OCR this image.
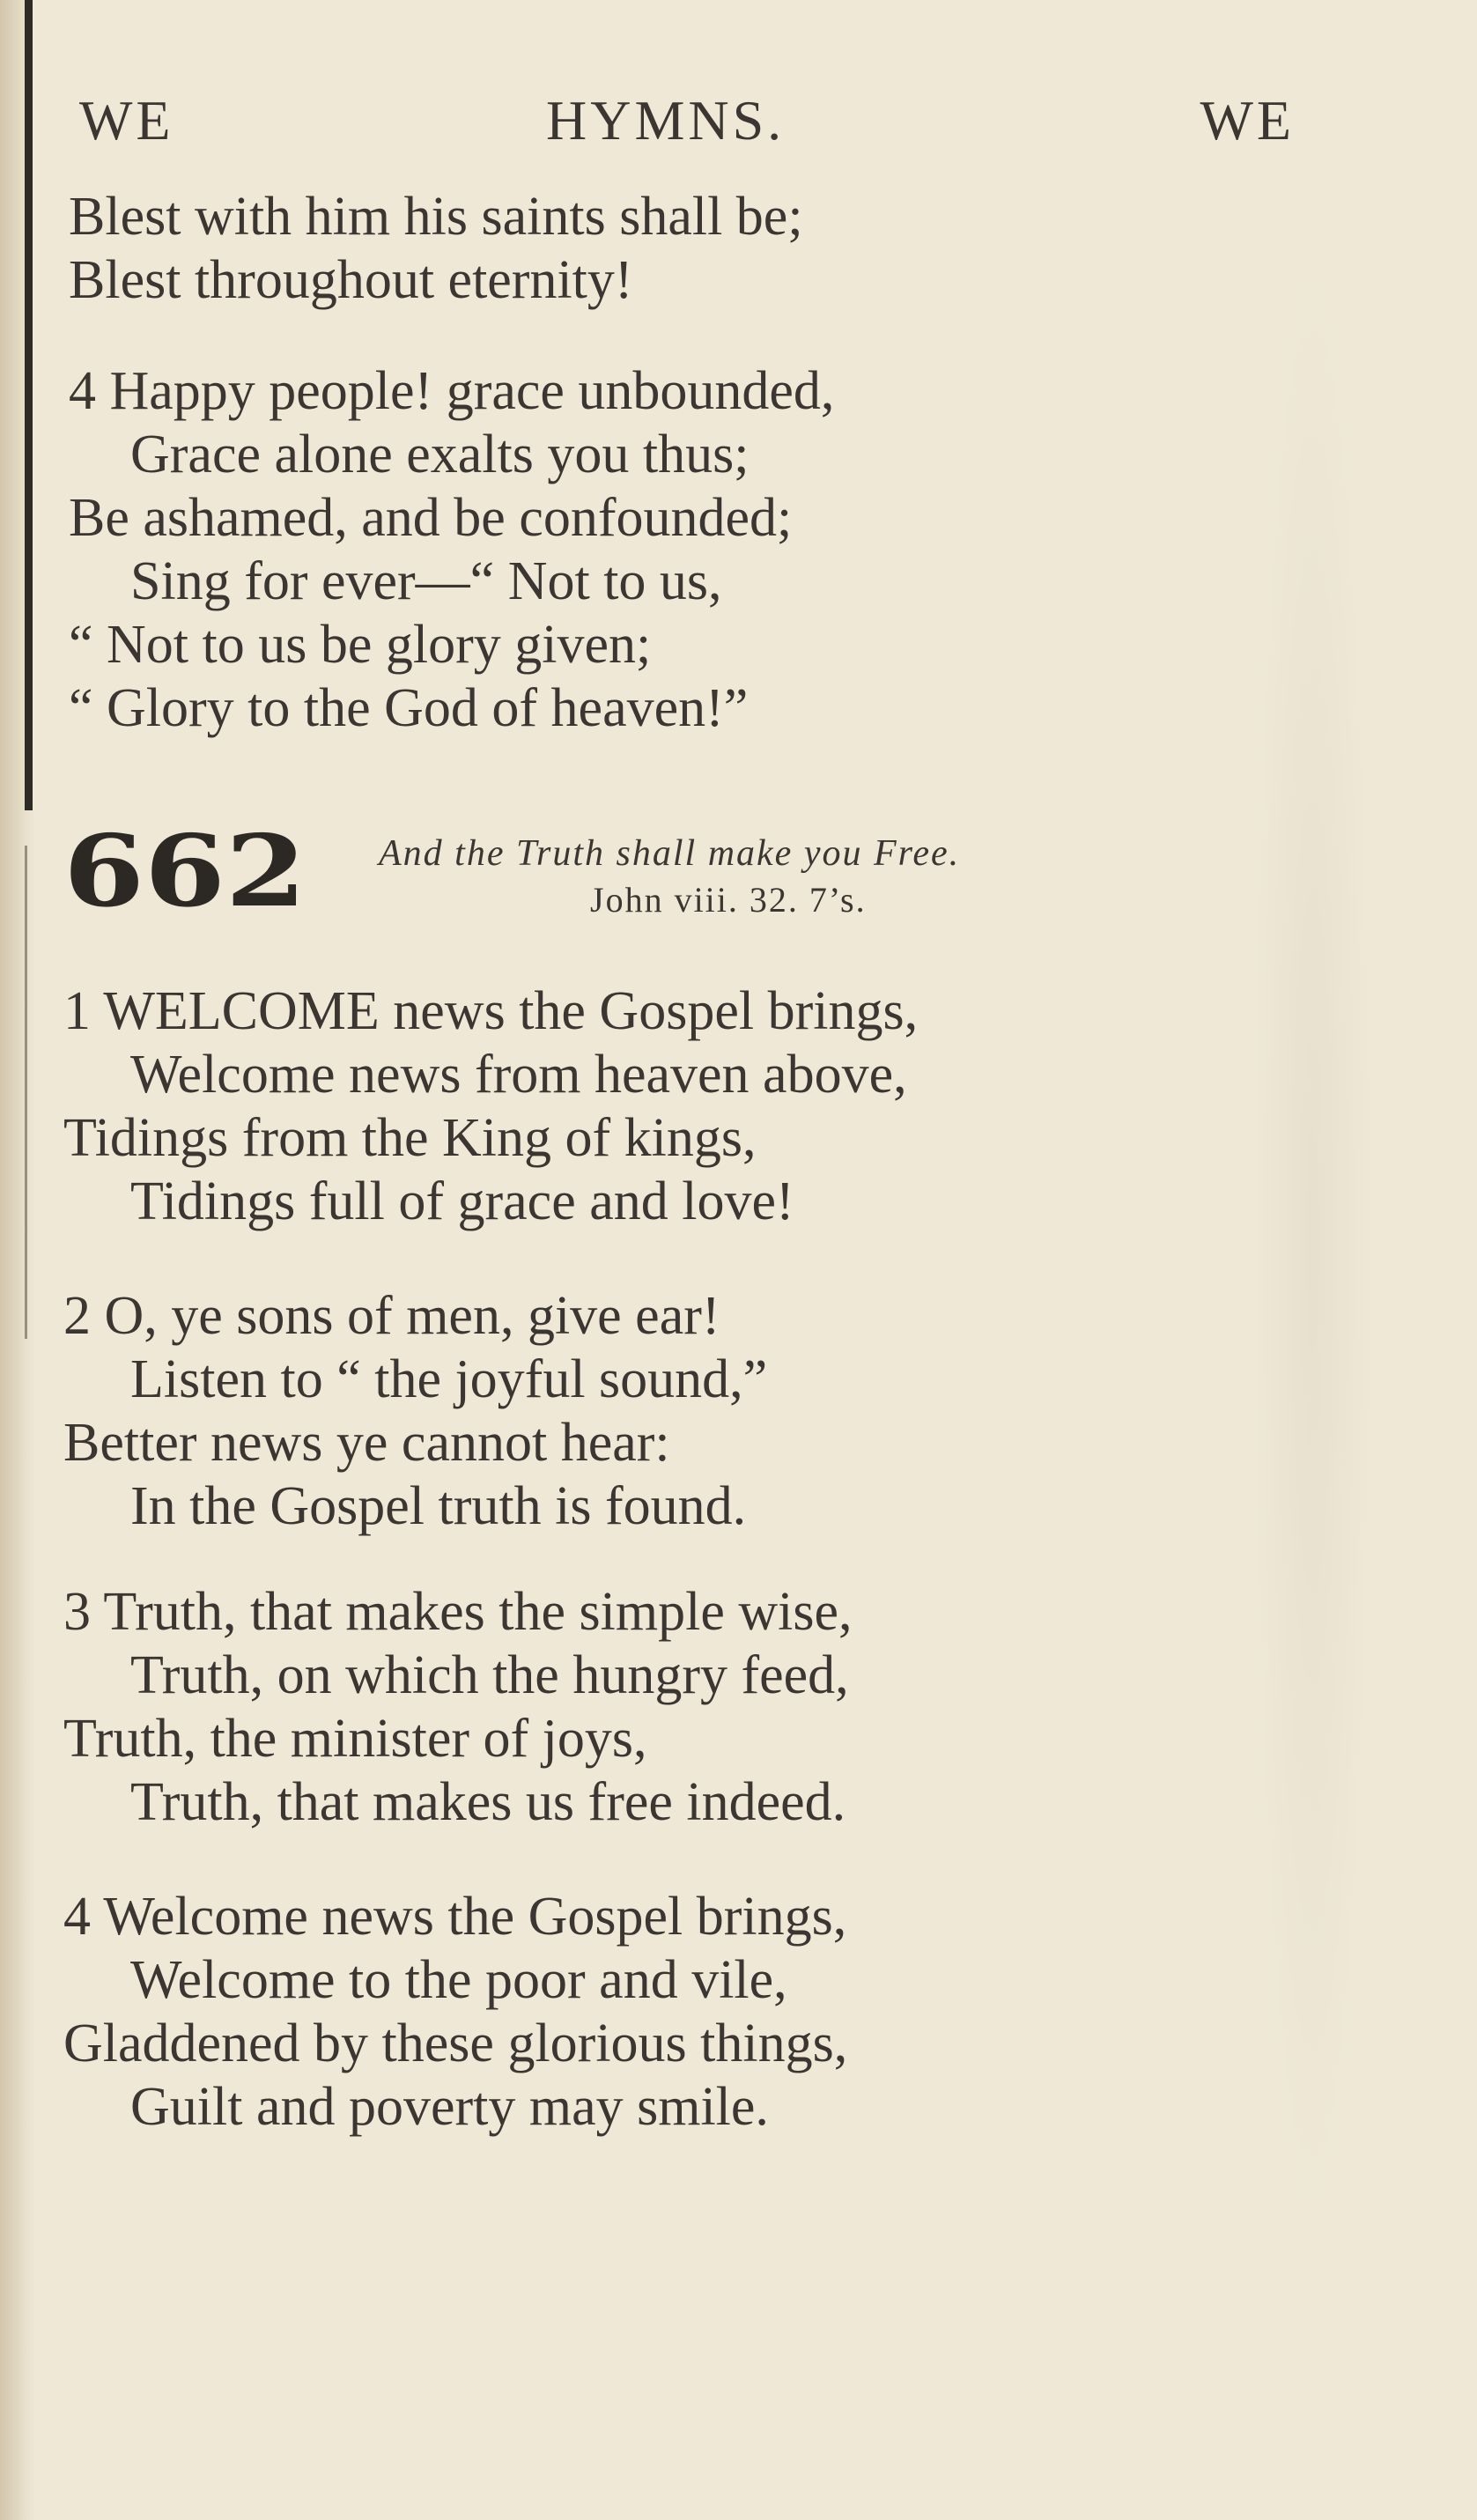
WE	HYMNS.	WE
Blest with him his saints shall be;
Blest throughout eternity!
4 Happy people! grace unbounded,
Grace alone exalts you thus;
Be ashamed, and be confounded;
Sing for ever—“ Not to us,
“ Not to us be glory given;
“ Glory to the God of heaven!”
662 And the Truth shall make you Free.
John viii. 32. 7’s.
1 WELCOME news the Gospel brings,
Welcome news from heaven above,
Tidings from the King of kings,
Tidings full of grace and love!
2 O, ye sons of men, give ear!
Listen to “ the joyful sound,”
Better news ye cannot hear:
In the Gospel truth is found.
3 Truth, that makes the simple wise,
Truth, on which the hungry feed,
Truth, the minister of joys,
Truth, that makes us free indeed.
4 Welcome news the Gospel brings,
Welcome to the poor and vile,
Gladdened by these glorious things,
Guilt and poverty may smile.
